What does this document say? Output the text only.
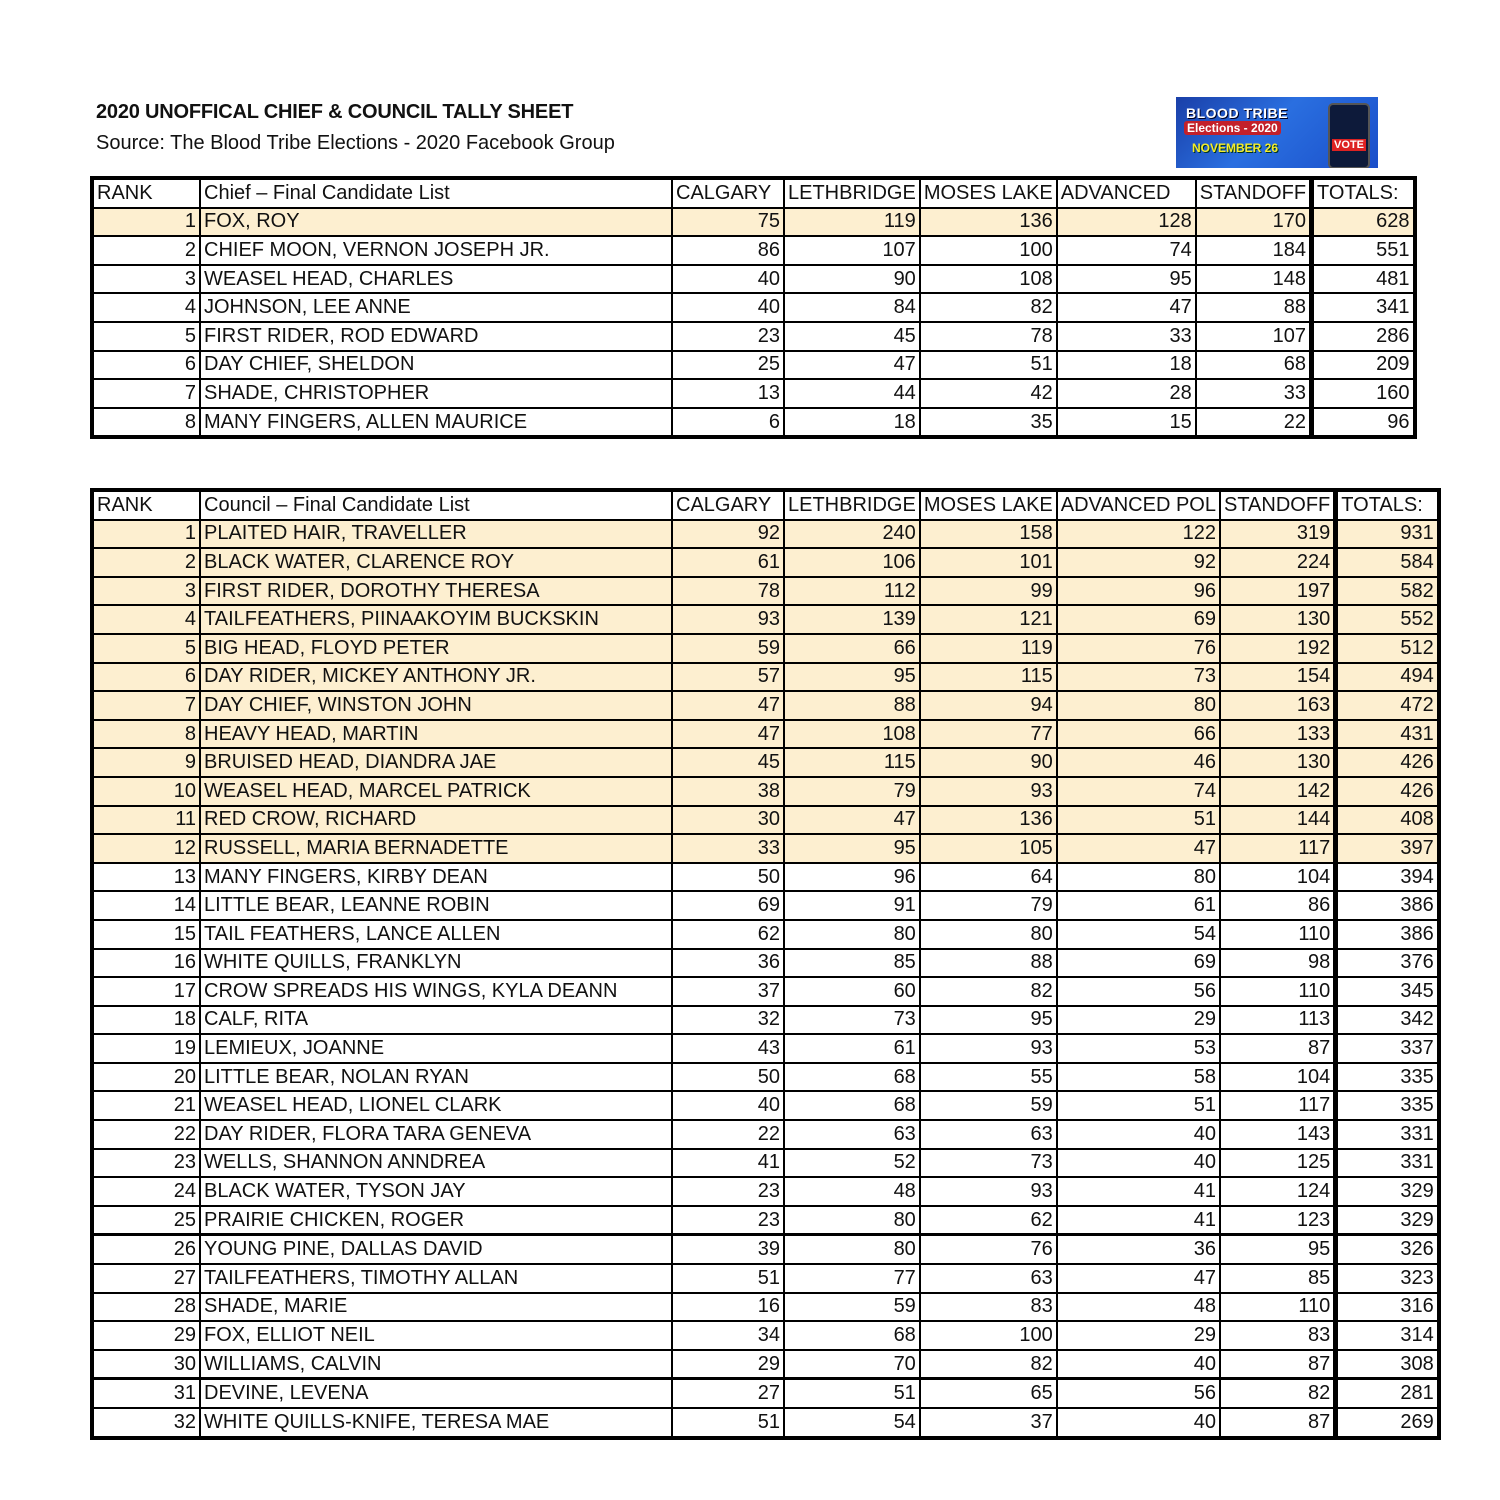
2020 UNOFFICAL CHIEF & COUNCIL TALLY SHEET
Source: The Blood Tribe Elections - 2020 Facebook Group
BLOOD TRIBE
Elections - 2020
NOVEMBER 26	VOTE
RANK	Chief – Final Candidate List	CALGARY	LETHBRIDGE	MOSES LAKE	ADVANCED	STANDOFF	TOTALS:
1	FOX, ROY	75	119	136	128	170	628
2	CHIEF MOON, VERNON JOSEPH JR.	86	107	100	74	184	551
3	WEASEL HEAD, CHARLES	40	90	108	95	148	481
4	JOHNSON, LEE ANNE	40	84	82	47	88	341
5	FIRST RIDER, ROD EDWARD	23	45	78	33	107	286
6	DAY CHIEF, SHELDON	25	47	51	18	68	209
7	SHADE, CHRISTOPHER	13	44	42	28	33	160
8	MANY FINGERS, ALLEN MAURICE	6	18	35	15	22	96
RANK	Council – Final Candidate List	CALGARY	LETHBRIDGE	MOSES LAKE	ADVANCED POL	STANDOFF	TOTALS:
1	PLAITED HAIR, TRAVELLER	92	240	158	122	319	931
2	BLACK WATER, CLARENCE ROY	61	106	101	92	224	584
3	FIRST RIDER, DOROTHY THERESA	78	112	99	96	197	582
4	TAILFEATHERS, PIINAAKOYIM BUCKSKIN	93	139	121	69	130	552
5	BIG HEAD, FLOYD PETER	59	66	119	76	192	512
6	DAY RIDER, MICKEY ANTHONY JR.	57	95	115	73	154	494
7	DAY CHIEF, WINSTON JOHN	47	88	94	80	163	472
8	HEAVY HEAD, MARTIN	47	108	77	66	133	431
9	BRUISED HEAD, DIANDRA JAE	45	115	90	46	130	426
10	WEASEL HEAD, MARCEL PATRICK	38	79	93	74	142	426
11	RED CROW, RICHARD	30	47	136	51	144	408
12	RUSSELL, MARIA BERNADETTE	33	95	105	47	117	397
13	MANY FINGERS, KIRBY DEAN	50	96	64	80	104	394
14	LITTLE BEAR, LEANNE ROBIN	69	91	79	61	86	386
15	TAIL FEATHERS, LANCE ALLEN	62	80	80	54	110	386
16	WHITE QUILLS, FRANKLYN	36	85	88	69	98	376
17	CROW SPREADS HIS WINGS, KYLA DEANN	37	60	82	56	110	345
18	CALF, RITA	32	73	95	29	113	342
19	LEMIEUX, JOANNE	43	61	93	53	87	337
20	LITTLE BEAR, NOLAN RYAN	50	68	55	58	104	335
21	WEASEL HEAD, LIONEL CLARK	40	68	59	51	117	335
22	DAY RIDER, FLORA TARA GENEVA	22	63	63	40	143	331
23	WELLS, SHANNON ANNDREA	41	52	73	40	125	331
24	BLACK WATER, TYSON JAY	23	48	93	41	124	329
25	PRAIRIE CHICKEN, ROGER	23	80	62	41	123	329
26	YOUNG PINE, DALLAS DAVID	39	80	76	36	95	326
27	TAILFEATHERS, TIMOTHY ALLAN	51	77	63	47	85	323
28	SHADE, MARIE	16	59	83	48	110	316
29	FOX, ELLIOT NEIL	34	68	100	29	83	314
30	WILLIAMS, CALVIN	29	70	82	40	87	308
31	DEVINE, LEVENA	27	51	65	56	82	281
32	WHITE QUILLS-KNIFE, TERESA MAE	51	54	37	40	87	269
